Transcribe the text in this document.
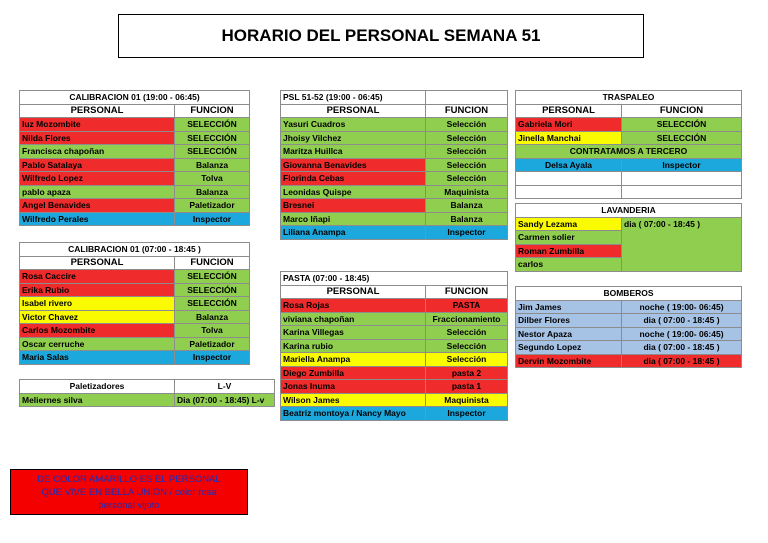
HORARIO DEL PERSONAL SEMANA 51
CALIBRACION 01 (19:00 - 06:45)	
PERSONAL	FUNCION
luz Mozombite	SELECCIÓN
Nilda Flores	SELECCIÓN
Francisca chapoñan	SELECCIÓN
Pablo Satalaya	Balanza
Wilfredo Lopez	Tolva
pablo apaza	Balanza
Angel Benavides	Paletizador
Wilfredo Perales	Inspector
CALIBRACION 01 (07:00 - 18:45 )	
PERSONAL	FUNCION
Rosa Caccire	SELECCIÓN
Erika Rubio	SELECCIÓN
Isabel rivero	SELECCIÓN
Victor Chavez	Balanza
Carlos Mozombite	Tolva
Oscar cerruche	Paletizador
Maria Salas	Inspector
Paletizadores	L-V
Meliernes silva	Dia (07:00 - 18:45) L-v
PSL 51-52 (19:00 - 06:45)	
PERSONAL	FUNCION
Yasuri Cuadros	Selección
Jhoisy Vilchez	Selección
Maritza Huillca	Selección
Giovanna Benavides	Selección
Florinda Cebas	Selección
Leonidas Quispe	Maquinista
Bresnei	Balanza
Marco Iñapi	Balanza
Liliana Anampa	Inspector
PASTA (07:00 - 18:45)	
PERSONAL	FUNCION
Rosa Rojas	PASTA
viviana chapoñan	Fraccionamiento
Karina Villegas	Selección
Karina rubio	Selección
Mariella Anampa	Selección
Diego Zumbilla	pasta 2
Jonas Inuma	pasta 1
Wilson James	Maquinista
Beatriz montoya / Nancy Mayo	Inspector
TRASPALEO	
PERSONAL	FUNCION
Gabriela Mori	SELECCIÓN
Jinella Manchai	SELECCIÓN
CONTRATAMOS A TERCERO	
Delsa Ayala	Inspector

LAVANDERIA
Sandy Lezama	dia ( 07:00 - 18:45 )
Carmen solier
Roman Zumbilla
carlos
BOMBEROS	
Jim James	noche ( 19:00- 06:45)
Dilber Flores	dia ( 07:00 - 18:45 )
Nestor Apaza	noche ( 19:00- 06:45)
Segundo Lopez	dia ( 07:00 - 18:45 )
Dervin Mozombite	dia ( 07:00 - 18:45 )
DE COLOR AMARILLO ES EL PERSONAL
QUE VIVE EN BELLA UNION / color rosa
personal vijoto
